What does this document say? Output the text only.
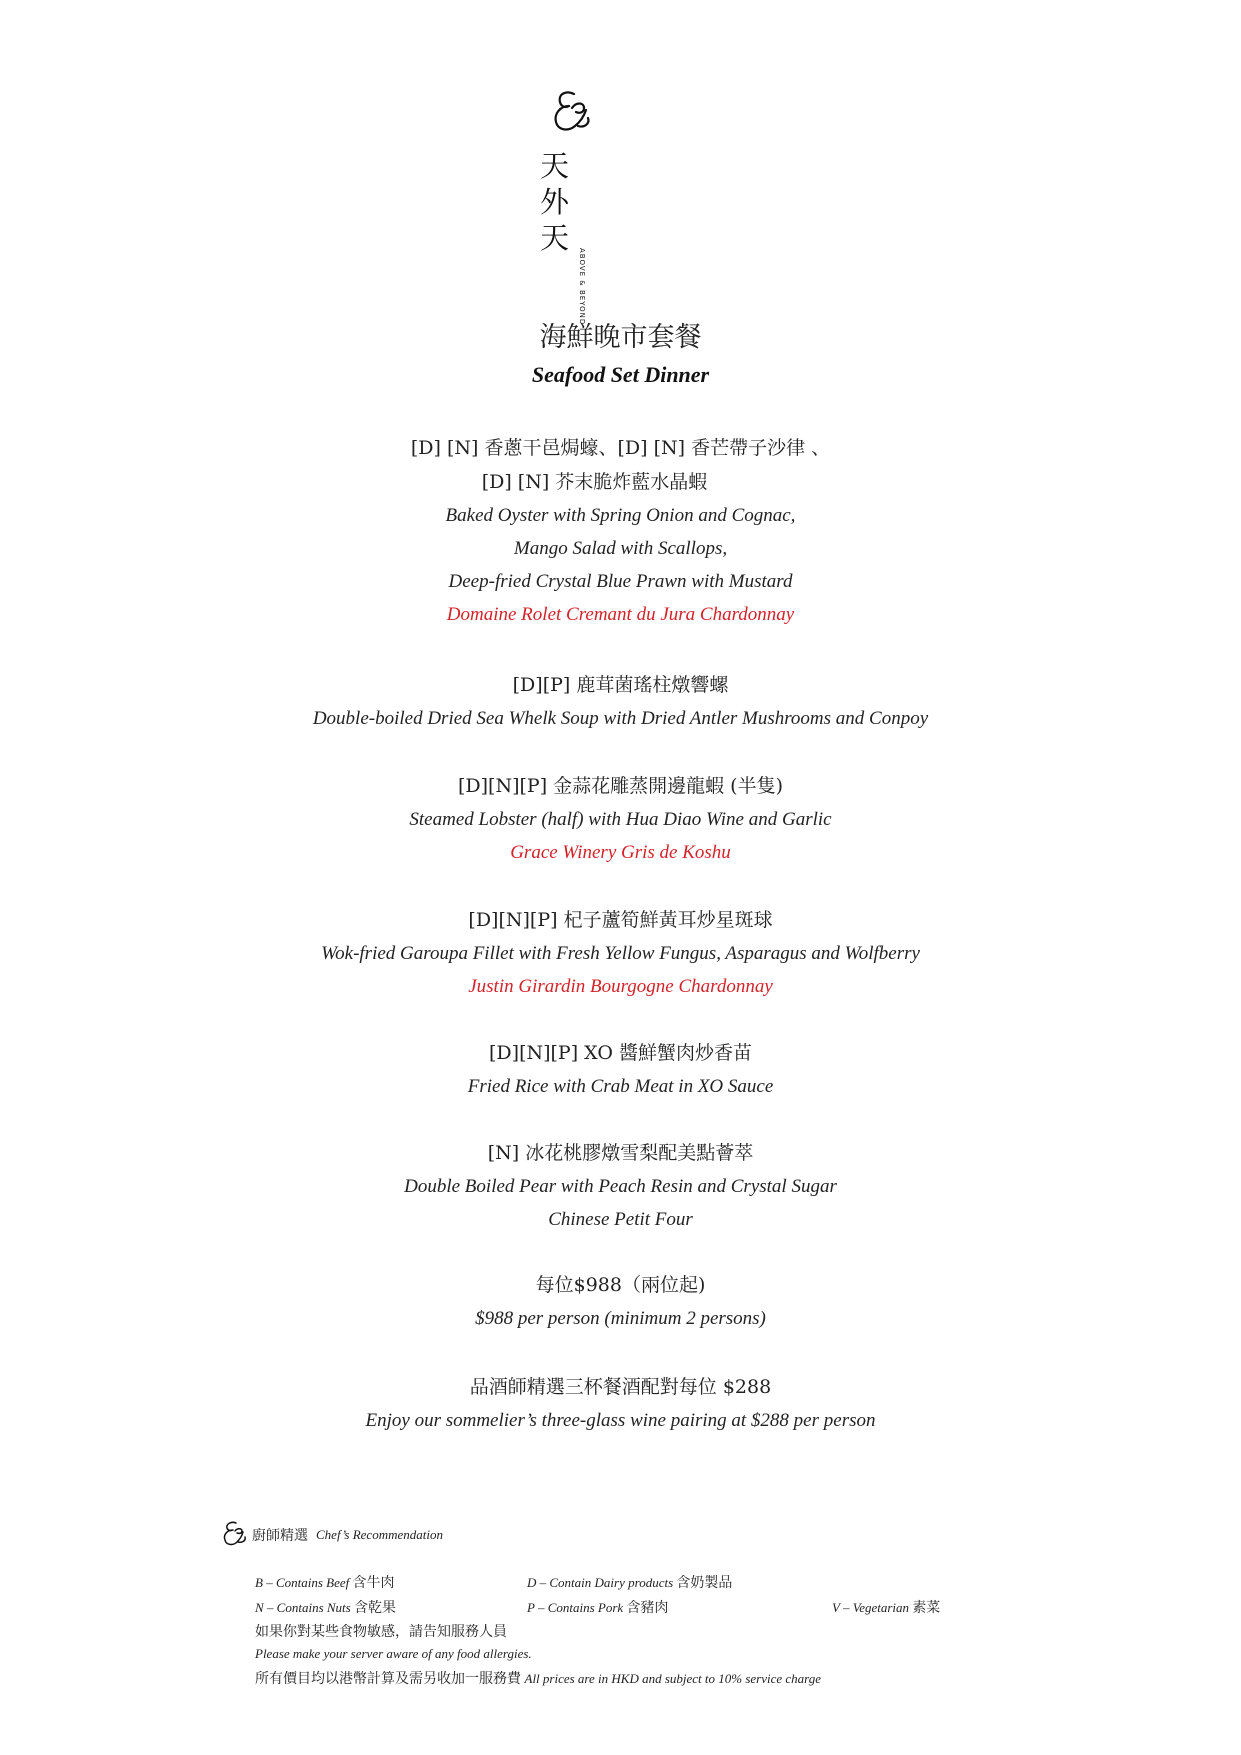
天
外
天
ABOVE & BEYOND
海鮮晚市套餐
Seafood Set Dinner
[D] [N] 香蔥干邑焗蠔、[D] [N] 香芒帶子沙律 、
[D] [N] 芥末脆炸藍水晶蝦
Baked Oyster with Spring Onion and Cognac,
Mango Salad with Scallops,
Deep-fried Crystal Blue Prawn with Mustard
Domaine Rolet Cremant du Jura Chardonnay
[D][P] 鹿茸菌瑤柱燉響螺
Double-boiled Dried Sea Whelk Soup with Dried Antler Mushrooms and Conpoy
[D][N][P] 金蒜花雕蒸開邊龍蝦 (半隻)
Steamed Lobster (half) with Hua Diao Wine and Garlic
Grace Winery Gris de Koshu
[D][N][P] 杞子蘆筍鮮黃耳炒星斑球
Wok-fried Garoupa Fillet with Fresh Yellow Fungus, Asparagus and Wolfberry
Justin Girardin Bourgogne Chardonnay
[D][N][P] XO 醬鮮蟹肉炒香苗
Fried Rice with Crab Meat in XO Sauce
[N] 冰花桃膠燉雪梨配美點薈萃
Double Boiled Pear with Peach Resin and Crystal Sugar
Chinese Petit Four
每位$988（兩位起)
$988 per person (minimum 2 persons)
品酒師精選三杯餐酒配對每位 $288
Enjoy our sommelier’s three-glass wine pairing at $288 per person
廚師精選 Chef’s Recommendation
B – Contains Beef 含牛肉	D – Contain Dairy products 含奶製品
N – Contains Nuts 含乾果	P – Contains Pork 含豬肉	V – Vegetarian 素菜
如果你對某些食物敏感，請告知服務人員
Please make your server aware of any food allergies.
所有價目均以港幣計算及需另收加一服務費 All prices are in HKD and subject to 10% service charge
